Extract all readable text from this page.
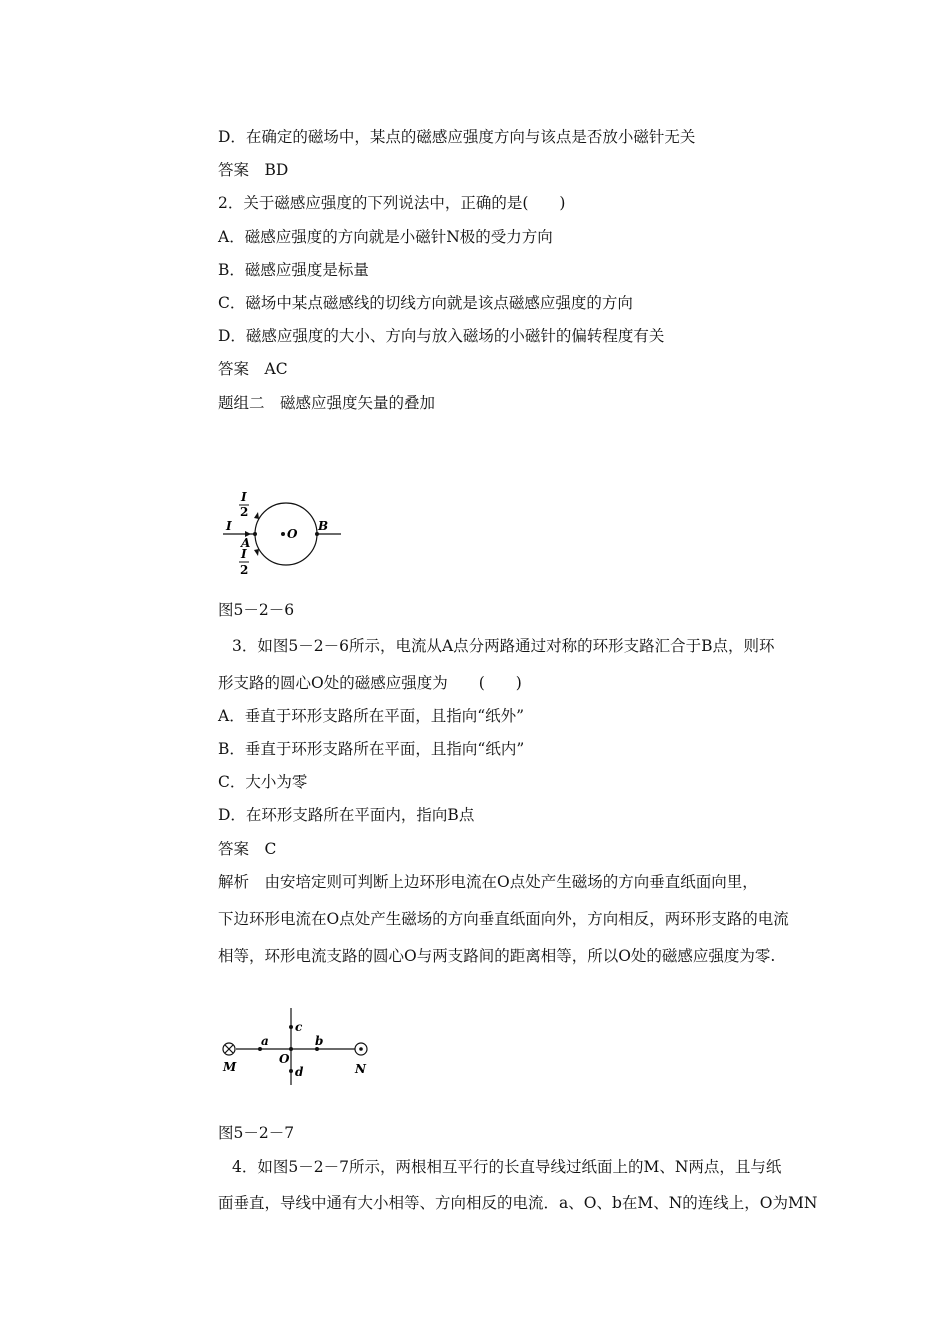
D．在确定的磁场中，某点的磁感应强度方向与该点是否放小磁针无关
答案　BD
2．关于磁感应强度的下列说法中，正确的是(　　)
A．磁感应强度的方向就是小磁针N极的受力方向
B．磁感应强度是标量
C．磁场中某点磁感线的切线方向就是该点磁感应强度的方向
D．磁感应强度的大小、方向与放入磁场的小磁针的偏转程度有关
答案　AC
题组二　磁感应强度矢量的叠加
I
2
I
A
O
B
I
2
图5－2－6
3．如图5－2－6所示，电流从A点分两路通过对称的环形支路汇合于B点，则环
形支路的圆心O处的磁感应强度为　　(　　)
A．垂直于环形支路所在平面，且指向“纸外”
B．垂直于环形支路所在平面，且指向“纸内”
C．大小为零
D．在环形支路所在平面内，指向B点
答案　C
解析　由安培定则可判断上边环形电流在O点处产生磁场的方向垂直纸面向里，
下边环形电流在O点处产生磁场的方向垂直纸面向外，方向相反，两环形支路的电流
相等，环形电流支路的圆心O与两支路间的距离相等，所以O处的磁感应强度为零.
M
a
O
b
N
c
d
图5－2－7
4．如图5－2－7所示，两根相互平行的长直导线过纸面上的M、N两点，且与纸
面垂直，导线中通有大小相等、方向相反的电流．a、O、b在M、N的连线上，O为MN
